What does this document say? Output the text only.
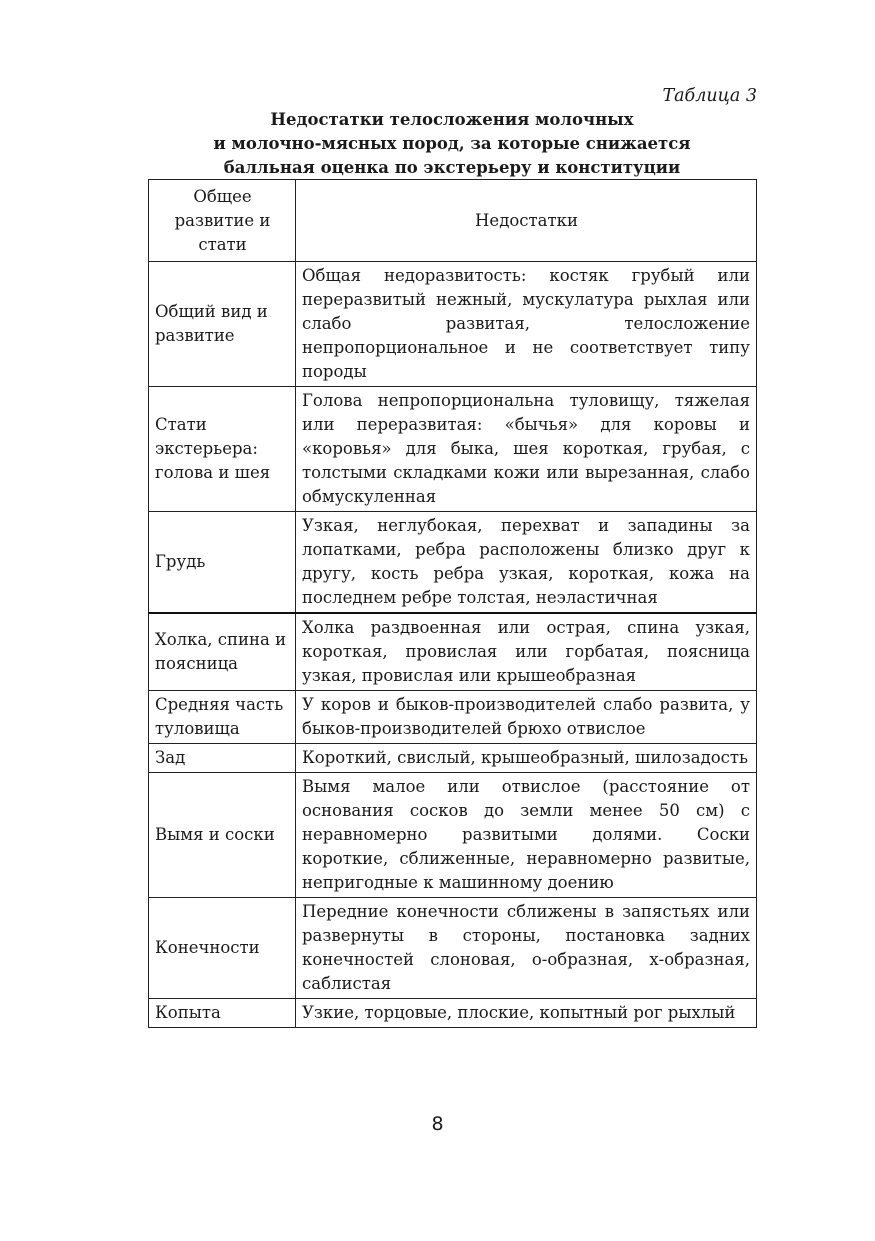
Таблица 3
Недостатки телосложения молочных
и молочно-мясных пород, за которые снижается
балльная оценка по экстерьеру и конституции
Общее развитие и стати	Недостатки
Общий вид и развитие	Общая недоразвитость: костяк грубый или переразвитый нежный, мускулатура рыхлая или слабо развитая, телосложение непропорциональное и не соответствует типу породы
Стати экстерьера: голова и шея	Голова непропорциональна туловищу, тяжелая или переразвитая: «бычья» для коровы и «коровья» для быка, шея короткая, грубая, с толстыми складками кожи или вырезанная, слабо обмускуленная
Грудь	Узкая, неглубокая, перехват и западины за лопатками, ребра расположены близко друг к другу, кость ребра узкая, короткая, кожа на последнем ребре толстая, неэластичная
Холка, спина и поясница	Холка раздвоенная или острая, спина узкая, короткая, провислая или горбатая, поясница узкая, провислая или крышеобразная
Средняя часть туловища	У коров и быков-производителей слабо развита, у быков-производителей брюхо отвислое
Зад	Короткий, свислый, крышеобразный, шилозадость
Вымя и соски	Вымя малое или отвислое (расстояние от основания сосков до земли менее 50 см) с неравномерно развитыми долями. Соски короткие, сближенные, неравномерно развитые, непригодные к машинному доению
Конечности	Передние конечности сближены в запястьях или развернуты в стороны, постановка задних конечностей слоновая, о-образная, х-образная, саблистая
Копыта	Узкие, торцовые, плоские, копытный рог рыхлый
8
